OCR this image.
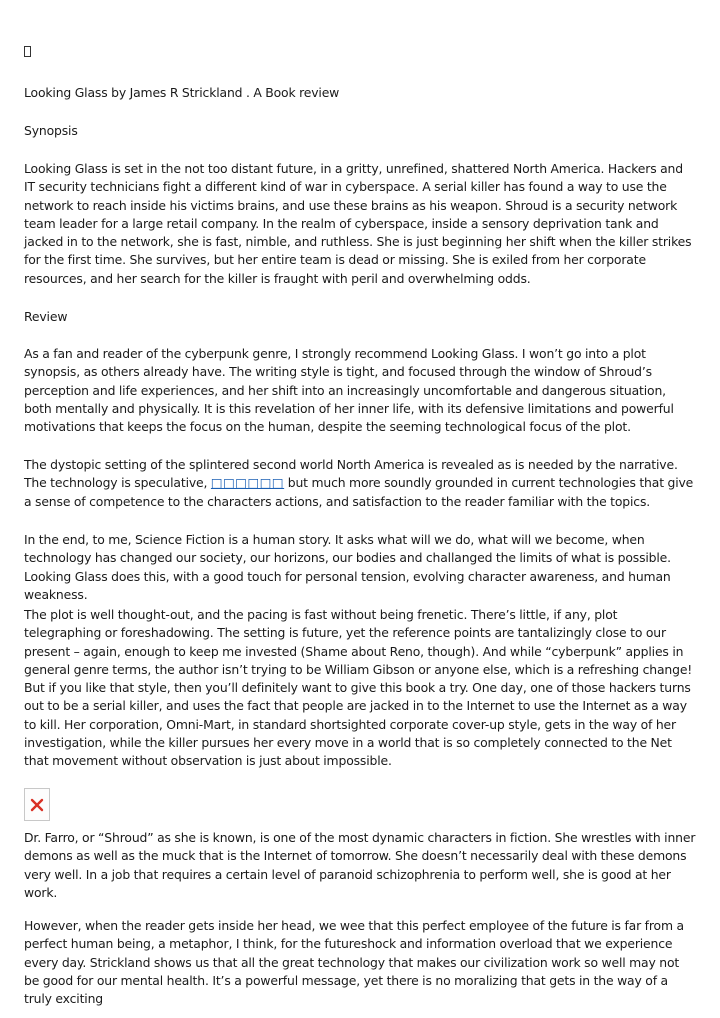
Looking Glass by James R Strickland . A Book review

Synopsis

Looking Glass is set in the not too distant future, in a gritty, unrefined, shattered North America. Hackers and IT security technicians fight a different kind of war in cyberspace. A serial killer has found a way to use the network to reach inside his victims brains, and use these brains as his weapon. Shroud is a security network team leader for a large retail company. In the realm of cyberspace, inside a sensory deprivation tank and jacked in to the network, she is fast, nimble, and ruthless. She is just beginning her shift when the killer strikes for the first time. She survives, but her entire team is dead or missing. She is exiled from her corporate resources, and her search for the killer is fraught with peril and overwhelming odds.

Review

As a fan and reader of the cyberpunk genre, I strongly recommend Looking Glass. I won’t go into a plot synopsis, as others already have. The writing style is tight, and focused through the window of Shroud’s perception and life experiences, and her shift into an increasingly uncomfortable and dangerous situation, both mentally and physically. It is this revelation of her inner life, with its defensive limitations and powerful motivations that keeps the focus on the human, despite the seeming technological focus of the plot.

The dystopic setting of the splintered second world North America is revealed as is needed by the narrative. The technology is speculative, □□□□□□ but much more soundly grounded in current technologies that give a sense of competence to the characters actions, and satisfaction to the reader familiar with the topics.

In the end, to me, Science Fiction is a human story. It asks what will we do, what will we become, when technology has changed our society, our horizons, our bodies and challanged the limits of what is possible. Looking Glass does this, with a good touch for personal tension, evolving character awareness, and human weakness.

The plot is well thought-out, and the pacing is fast without being frenetic. There’s little, if any, plot telegraphing or foreshadowing. The setting is future, yet the reference points are tantalizingly close to our present – again, enough to keep me invested (Shame about Reno, though). And while “cyberpunk” applies in general genre terms, the author isn’t trying to be William Gibson or anyone else, which is a refreshing change! But if you like that style, then you’ll definitely want to give this book a try. One day, one of those hackers turns out to be a serial killer, and uses the fact that people are jacked in to the Internet to use the Internet as a way to kill. Her corporation, Omni-Mart, in standard shortsighted corporate cover-up style, gets in the way of her investigation, while the killer pursues her every move in a world that is so completely connected to the Net that movement without observation is just about impossible.

Dr. Farro, or “Shroud” as she is known, is one of the most dynamic characters in fiction. She wrestles with inner demons as well as the muck that is the Internet of tomorrow. She doesn’t necessarily deal with these demons very well. In a job that requires a certain level of paranoid schizophrenia to perform well, she is good at her work.

However, when the reader gets inside her head, we wee that this perfect employee of the future is far from a perfect human being, a metaphor, I think, for the futureshock and information overload that we experience every day. Strickland shows us that all the great technology that makes our civilization work so well may not be good for our mental health. It’s a powerful message, yet there is no moralizing that gets in the way of a truly exciting
